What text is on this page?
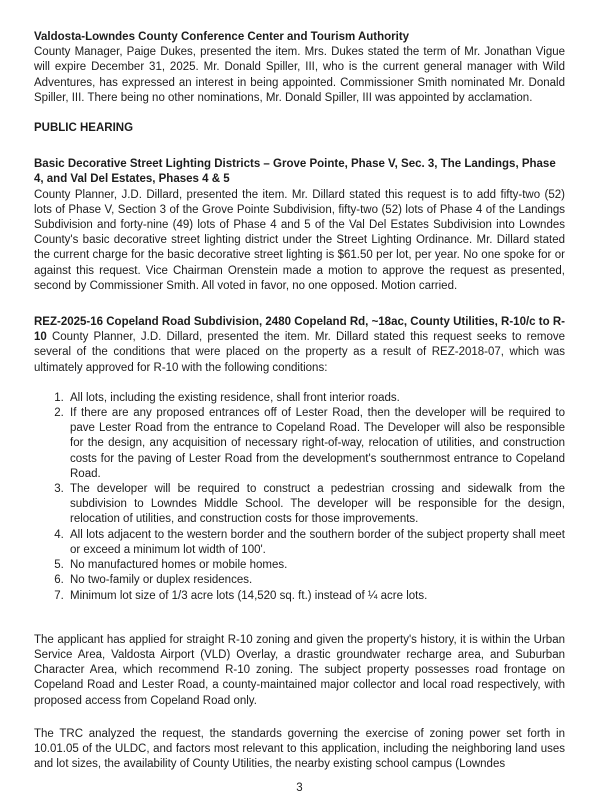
Valdosta-Lowndes County Conference Center and Tourism Authority

County Manager, Paige Dukes, presented the item. Mrs. Dukes stated the term of Mr. Jonathan Vigue will expire December 31, 2025. Mr. Donald Spiller, III, who is the current general manager with Wild Adventures, has expressed an interest in being appointed. Commissioner Smith nominated Mr. Donald Spiller, III. There being no other nominations, Mr. Donald Spiller, III was appointed by acclamation.

PUBLIC HEARING
Basic Decorative Street Lighting Districts – Grove Pointe, Phase V, Sec. 3, The Landings, Phase 4, and Val Del Estates, Phases 4 & 5

County Planner, J.D. Dillard, presented the item. Mr. Dillard stated this request is to add fifty-two (52) lots of Phase V, Section 3 of the Grove Pointe Subdivision, fifty-two (52) lots of Phase 4 of the Landings Subdivision and forty-nine (49) lots of Phase 4 and 5 of the Val Del Estates Subdivision into Lowndes County's basic decorative street lighting district under the Street Lighting Ordinance. Mr. Dillard stated the current charge for the basic decorative street lighting is $61.50 per lot, per year. No one spoke for or against this request. Vice Chairman Orenstein made a motion to approve the request as presented, second by Commissioner Smith. All voted in favor, no one opposed. Motion carried.

REZ-2025-16 Copeland Road Subdivision, 2480 Copeland Rd, ~18ac, County Utilities, R-10/c to R-10 County Planner, J.D. Dillard, presented the item. Mr. Dillard stated this request seeks to remove several of the conditions that were placed on the property as a result of REZ-2018-07, which was ultimately approved for R-10 with the following conditions:

1. All lots, including the existing residence, shall front interior roads.
2. If there are any proposed entrances off of Lester Road, then the developer will be required to pave Lester Road from the entrance to Copeland Road. The Developer will also be responsible for the design, any acquisition of necessary right-of-way, relocation of utilities, and construction costs for the paving of Lester Road from the development's southernmost entrance to Copeland Road.
3. The developer will be required to construct a pedestrian crossing and sidewalk from the subdivision to Lowndes Middle School. The developer will be responsible for the design, relocation of utilities, and construction costs for those improvements.
4. All lots adjacent to the western border and the southern border of the subject property shall meet or exceed a minimum lot width of 100'.
5. No manufactured homes or mobile homes.
6. No two-family or duplex residences.
7. Minimum lot size of 1/3 acre lots (14,520 sq. ft.) instead of ¼ acre lots.

The applicant has applied for straight R-10 zoning and given the property's history, it is within the Urban Service Area, Valdosta Airport (VLD) Overlay, a drastic groundwater recharge area, and Suburban Character Area, which recommend R-10 zoning. The subject property possesses road frontage on Copeland Road and Lester Road, a county-maintained major collector and local road respectively, with proposed access from Copeland Road only.

The TRC analyzed the request, the standards governing the exercise of zoning power set forth in 10.01.05 of the ULDC, and factors most relevant to this application, including the neighboring land uses and lot sizes, the availability of County Utilities, the nearby existing school campus (Lowndes

3
